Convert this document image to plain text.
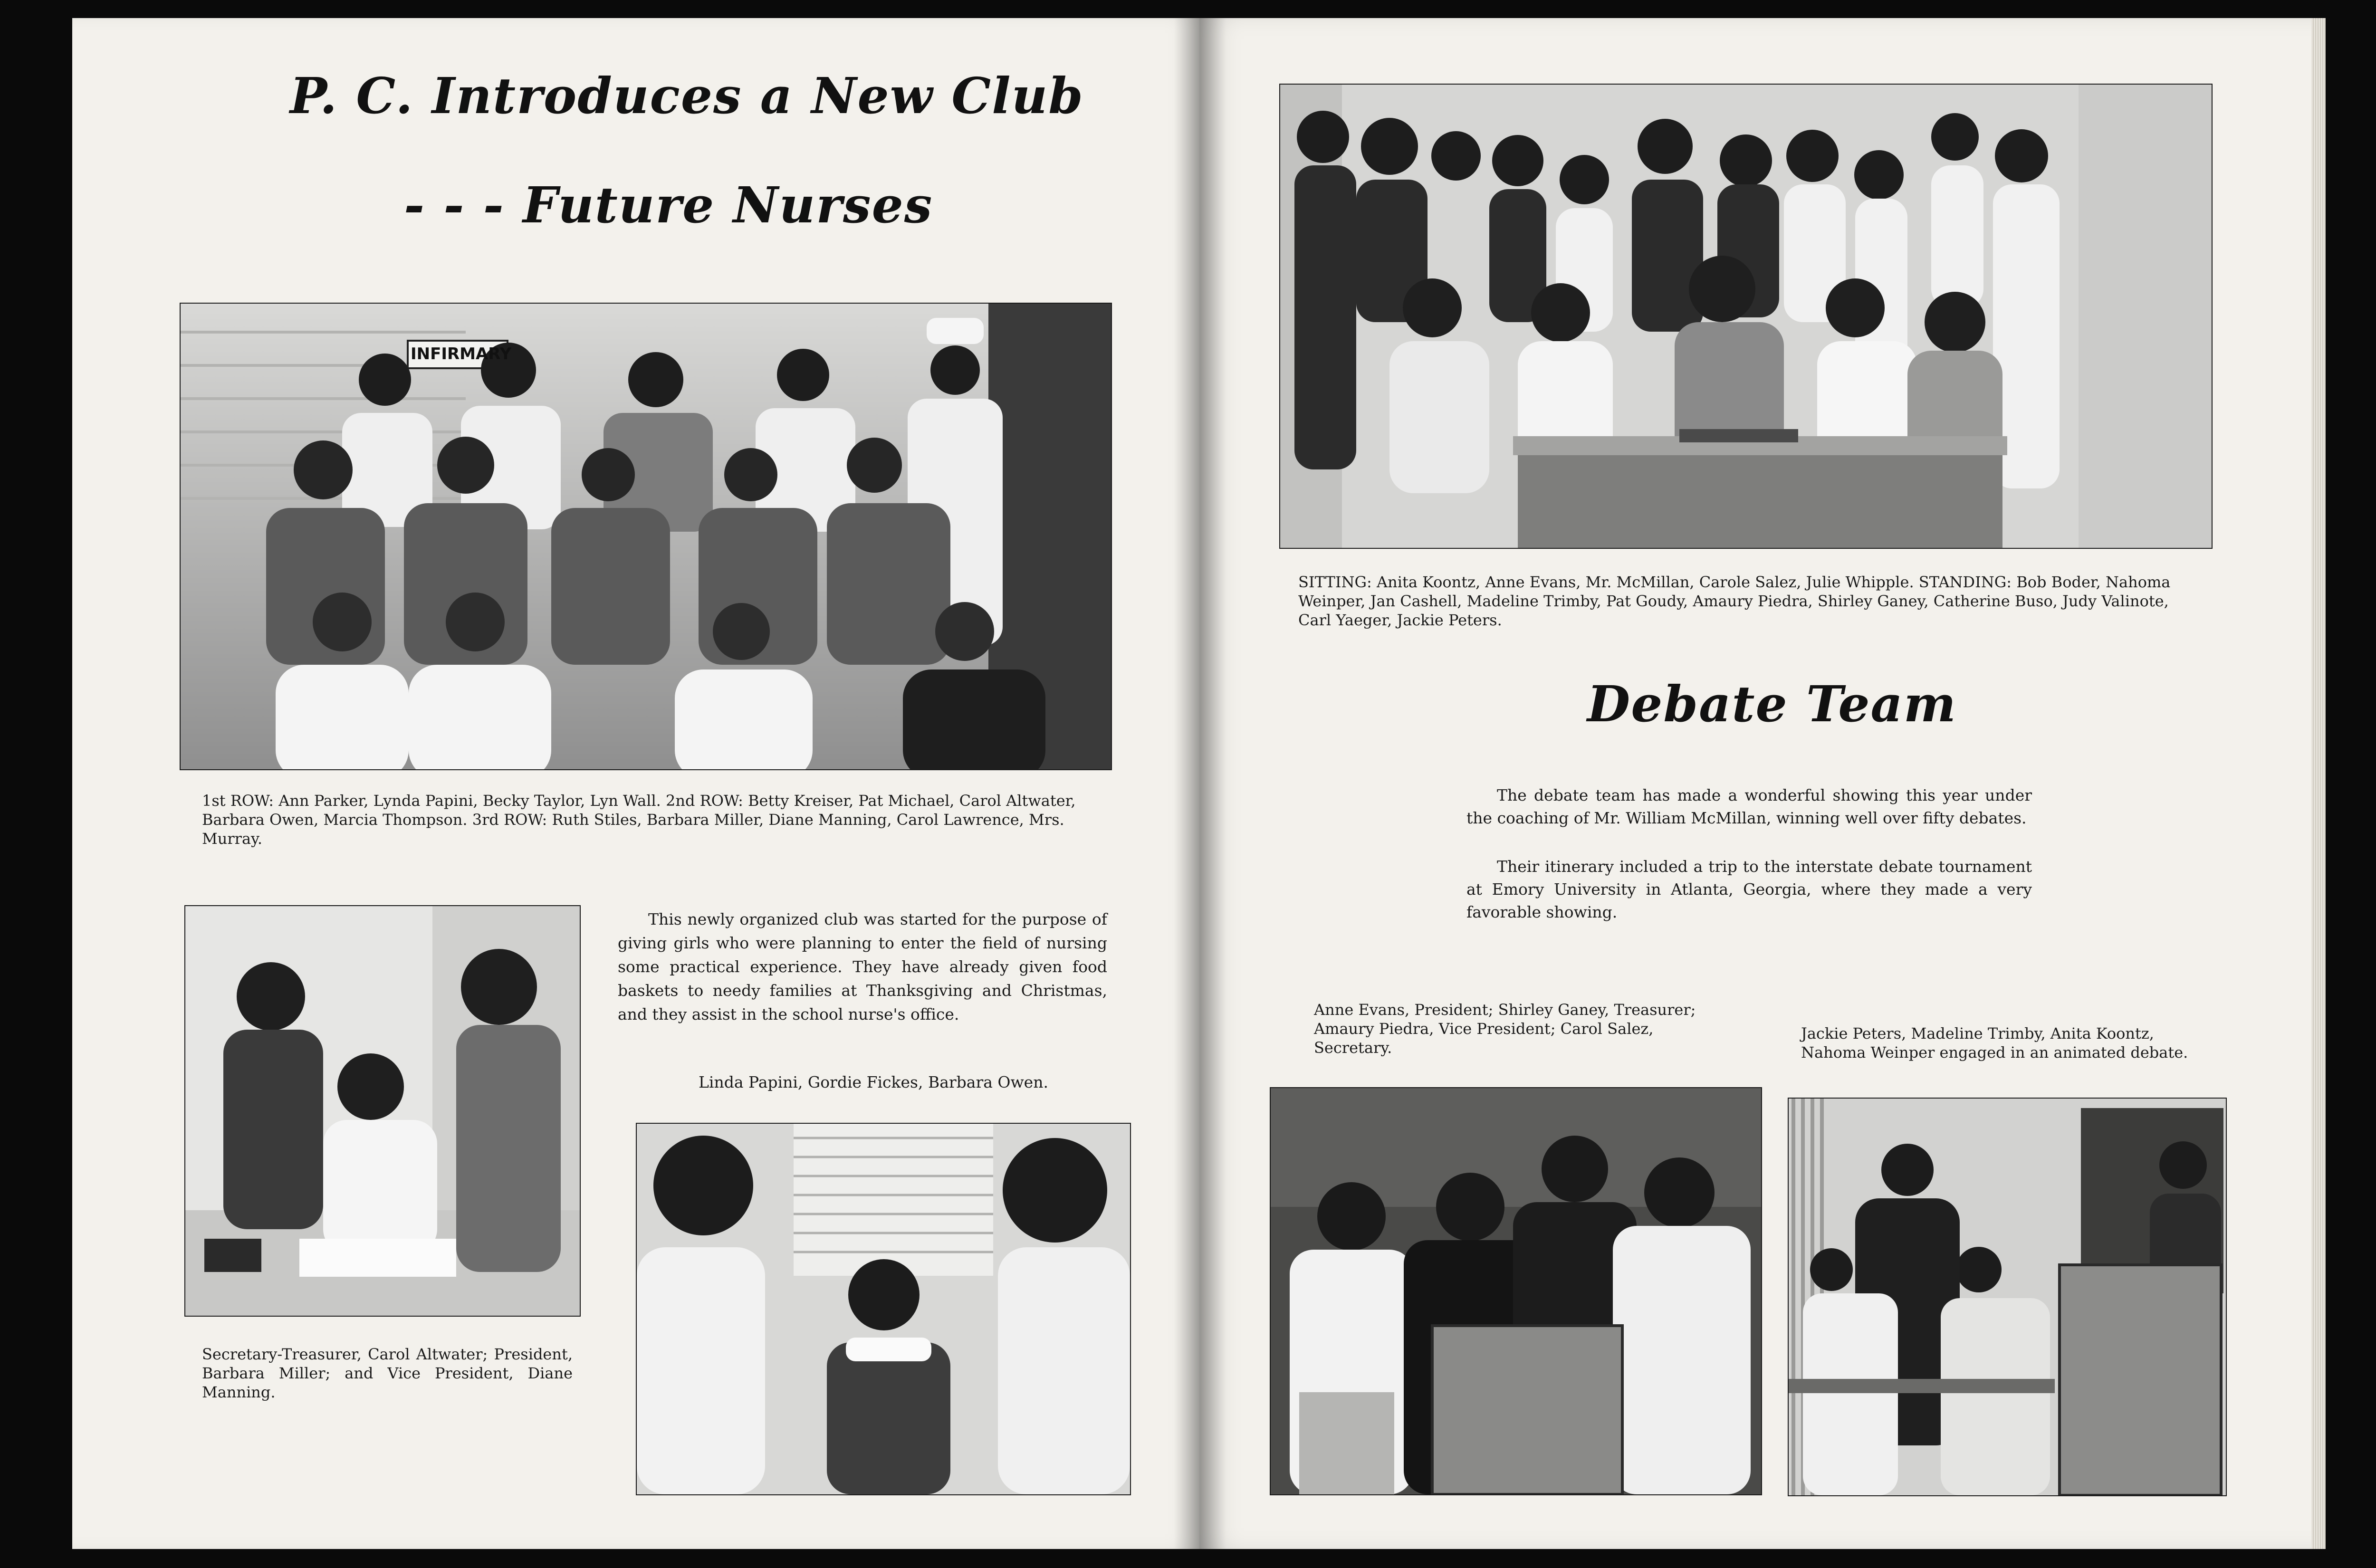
P. C. Introduces a New Club
- - - Future Nurses
INFIRMARY

1st ROW: Ann Parker, Lynda Papini, Becky Taylor, Lyn Wall. 2nd ROW: Betty Kreiser, Pat Michael, Carol Altwater, Barbara Owen, Marcia Thompson. 3rd ROW: Ruth Stiles, Barbara Miller, Diane Manning, Carol Lawrence, Mrs. Murray.

Secretary-Treasurer, Carol Altwater; President, Barbara Miller; and Vice President, Diane Manning.

This newly organized club was started for the purpose of giving girls who were planning to enter the field of nursing some practical experience. They have already given food baskets to needy families at Thanksgiving and Christmas, and they assist in the school nurse's office.

Linda Papini, Gordie Fickes, Barbara Owen.

SITTING: Anita Koontz, Anne Evans, Mr. McMillan, Carole Salez, Julie Whipple. STANDING: Bob Boder, Nahoma Weinper, Jan Cashell, Madeline Trimby, Pat Goudy, Amaury Piedra, Shirley Ganey, Catherine Buso, Judy Valinote, Carl Yaeger, Jackie Peters.

Debate Team

The debate team has made a wonderful showing this year under the coaching of Mr. William McMillan, winning well over fifty debates.

Their itinerary included a trip to the interstate debate tournament at Emory University in Atlanta, Georgia, where they made a very favorable showing.

Anne Evans, President; Shirley Ganey, Treasurer; Amaury Piedra, Vice President; Carol Salez, Secretary.

Jackie Peters, Madeline Trimby, Anita Koontz, Nahoma Weinper engaged in an animated debate.
